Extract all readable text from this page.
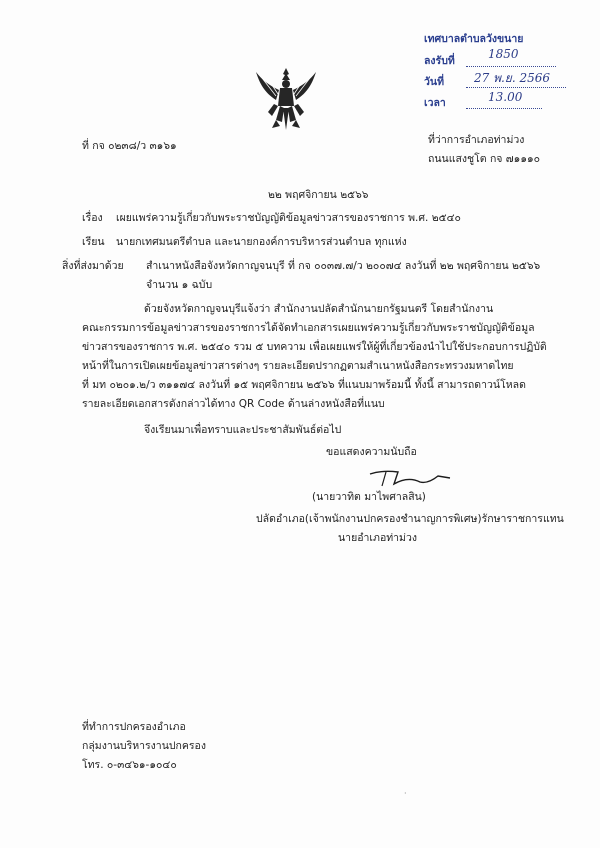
เทศบาลตำบลวังขนาย
ลงรับที่	1850
วันที่	27 พ.ย. 2566
เวลา	13.00
ที่ กจ ๐๒๓๘/ว ๓๑๖๑	ที่ว่าการอำเภอท่าม่วง
ถนนแสงชูโต กจ ๗๑๑๑๐
๒๒ พฤศจิกายน ๒๕๖๖
เรื่อง เผยแพร่ความรู้เกี่ยวกับพระราชบัญญัติข้อมูลข่าวสารของราชการ พ.ศ. ๒๕๔๐
เรียน นายกเทศมนตรีตำบล และนายกองค์การบริหารส่วนตำบล ทุกแห่ง
สิ่งที่ส่งมาด้วย สำเนาหนังสือจังหวัดกาญจนบุรี ที่ กจ ๐๐๓๗.๗/ว ๒๐๐๗๔ ลงวันที่ ๒๒ พฤศจิกายน ๒๕๖๖
จำนวน ๑ ฉบับ

ด้วยจังหวัดกาญจนบุรีแจ้งว่า สำนักงานปลัดสำนักนายกรัฐมนตรี โดยสำนักงาน

คณะกรรมการข้อมูลข่าวสารของราชการได้จัดทำเอกสารเผยแพร่ความรู้เกี่ยวกับพระราชบัญญัติข้อมูล

ข่าวสารของราชการ พ.ศ. ๒๕๔๐ รวม ๕ บทความ เพื่อเผยแพร่ให้ผู้ที่เกี่ยวข้องนำไปใช้ประกอบการปฏิบัติ

หน้าที่ในการเปิดเผยข้อมูลข่าวสารต่างๆ รายละเอียดปรากฏตามสำเนาหนังสือกระทรวงมหาดไทย

ที่ มท ๐๒๐๑.๒/ว ๓๑๑๗๔ ลงวันที่ ๑๕ พฤศจิกายน ๒๕๖๖ ที่แนบมาพร้อมนี้ ทั้งนี้ สามารถดาวน์โหลด

รายละเอียดเอกสารดังกล่าวได้ทาง QR Code ด้านล่างหนังสือที่แนบ

จึงเรียนมาเพื่อทราบและประชาสัมพันธ์ต่อไป
ขอแสดงความนับถือ
(นายวาทิต มาไพศาลสิน)
ปลัดอำเภอ(เจ้าพนักงานปกครองชำนาญการพิเศษ)รักษาราชการแทน
นายอำเภอท่าม่วง
ที่ทำการปกครองอำเภอ
กลุ่มงานบริหารงานปกครอง
โทร. ๐-๓๔๖๑-๑๐๔๐
·
